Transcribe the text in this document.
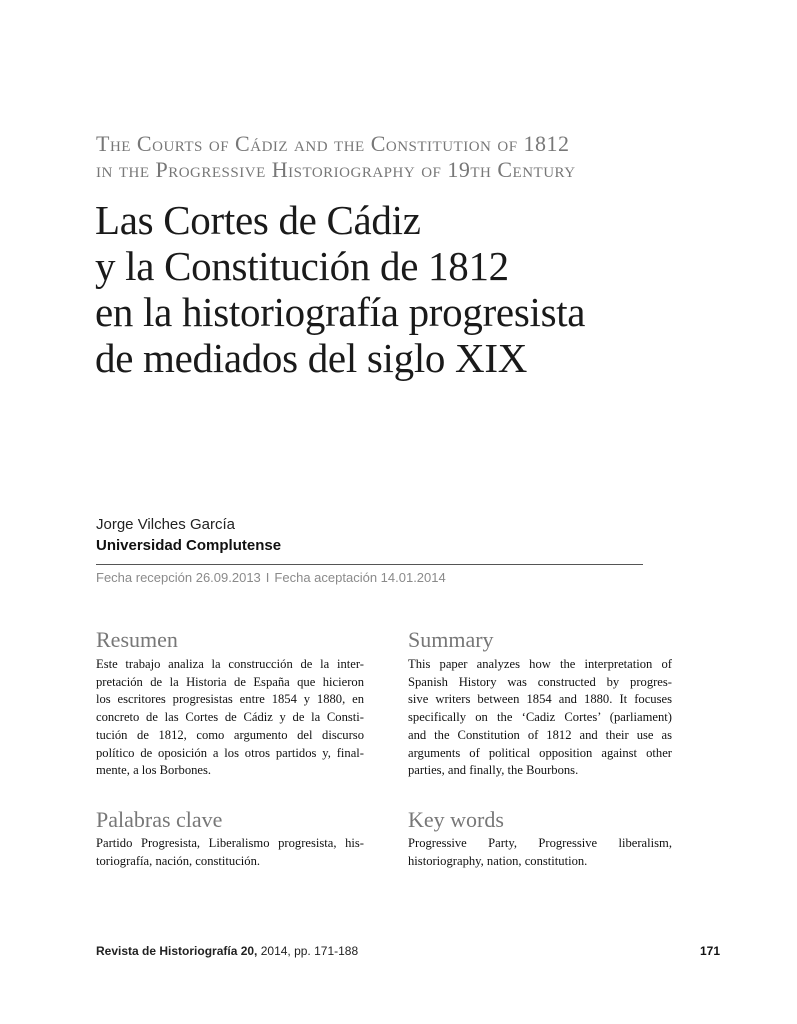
The Courts of Cádiz and the Constitution of 1812
in the Progressive Historiography of 19th Century
Las Cortes de Cádiz
y la Constitución de 1812
en la historiografía progresista
de mediados del siglo XIX
Jorge Vilches García
Universidad Complutense
Fecha recepción 26.09.2013 I Fecha aceptación 14.01.2014
Resumen
Este trabajo analiza la construcción de la inter-
pretación de la Historia de España que hicieron
los escritores progresistas entre 1854 y 1880, en
concreto de las Cortes de Cádiz y de la Consti-
tución de 1812, como argumento del discurso
político de oposición a los otros partidos y, final-
mente, a los Borbones.
Summary
This paper analyzes how the interpretation of
Spanish History was constructed by progres-
sive writers between 1854 and 1880. It focuses
specifically on the ‘Cadiz Cortes’ (parliament)
and the Constitution of 1812 and their use as
arguments of political opposition against other
parties, and finally, the Bourbons.
Palabras clave
Partido Progresista, Liberalismo progresista, his-
toriografía, nación, constitución.
Key words
Progressive Party, Progressive liberalism,
historiography, nation, constitution.
Revista de Historiografía 20, 2014, pp. 171-188	171
